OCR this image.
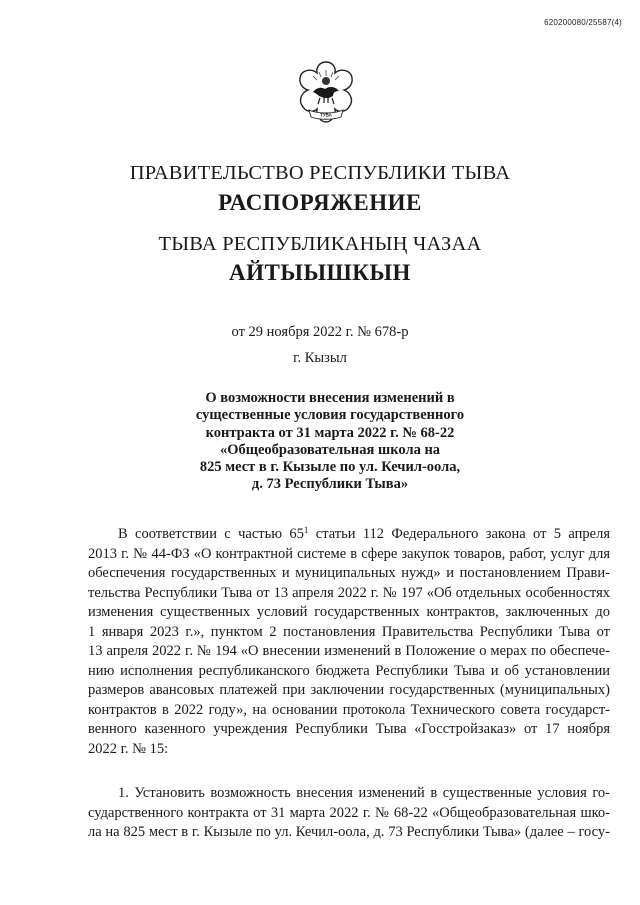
620200080/25587(4)
ТУВА
ПРАВИТЕЛЬСТВО РЕСПУБЛИКИ ТЫВА
РАСПОРЯЖЕНИЕ
ТЫВА РЕСПУБЛИКАНЫҢ ЧАЗАА
АЙТЫЫШКЫН
от 29 ноября 2022 г. № 678-р
г. Кызыл
О возможности внесения изменений в
существенные условия государственного
контракта от 31 марта 2022 г. № 68-22
«Общеобразовательная школа на
825 мест в г. Кызыле по ул. Кечил-оола,
д. 73 Республики Тыва»
В соответствии с частью $65^1$ статьи 112 Федерального закона от 5 апреля
2013 г. № 44-ФЗ «О контрактной системе в сфере закупок товаров, работ, услуг для
обеспечения государственных и муниципальных нужд» и постановлением Прави-
тельства Республики Тыва от 13 апреля 2022 г. № 197 «Об отдельных особенностях
изменения существенных условий государственных контрактов, заключенных до
1 января 2023 г.», пунктом 2 постановления Правительства Республики Тыва от
13 апреля 2022 г. № 194 «О внесении изменений в Положение о мерах по обеспече-
нию исполнения республиканского бюджета Республики Тыва и об установлении
размеров авансовых платежей при заключении государственных (муниципальных)
контрактов в 2022 году», на основании протокола Технического совета государст-
венного казенного учреждения Республики Тыва «Госстройзаказ» от 17 ноября
2022 г. № 15:
1. Установить возможность внесения изменений в существенные условия го-
сударственного контракта от 31 марта 2022 г. № 68-22 «Общеобразовательная шко-
ла на 825 мест в г. Кызыле по ул. Кечил-оола, д. 73 Республики Тыва» (далее – госу-
